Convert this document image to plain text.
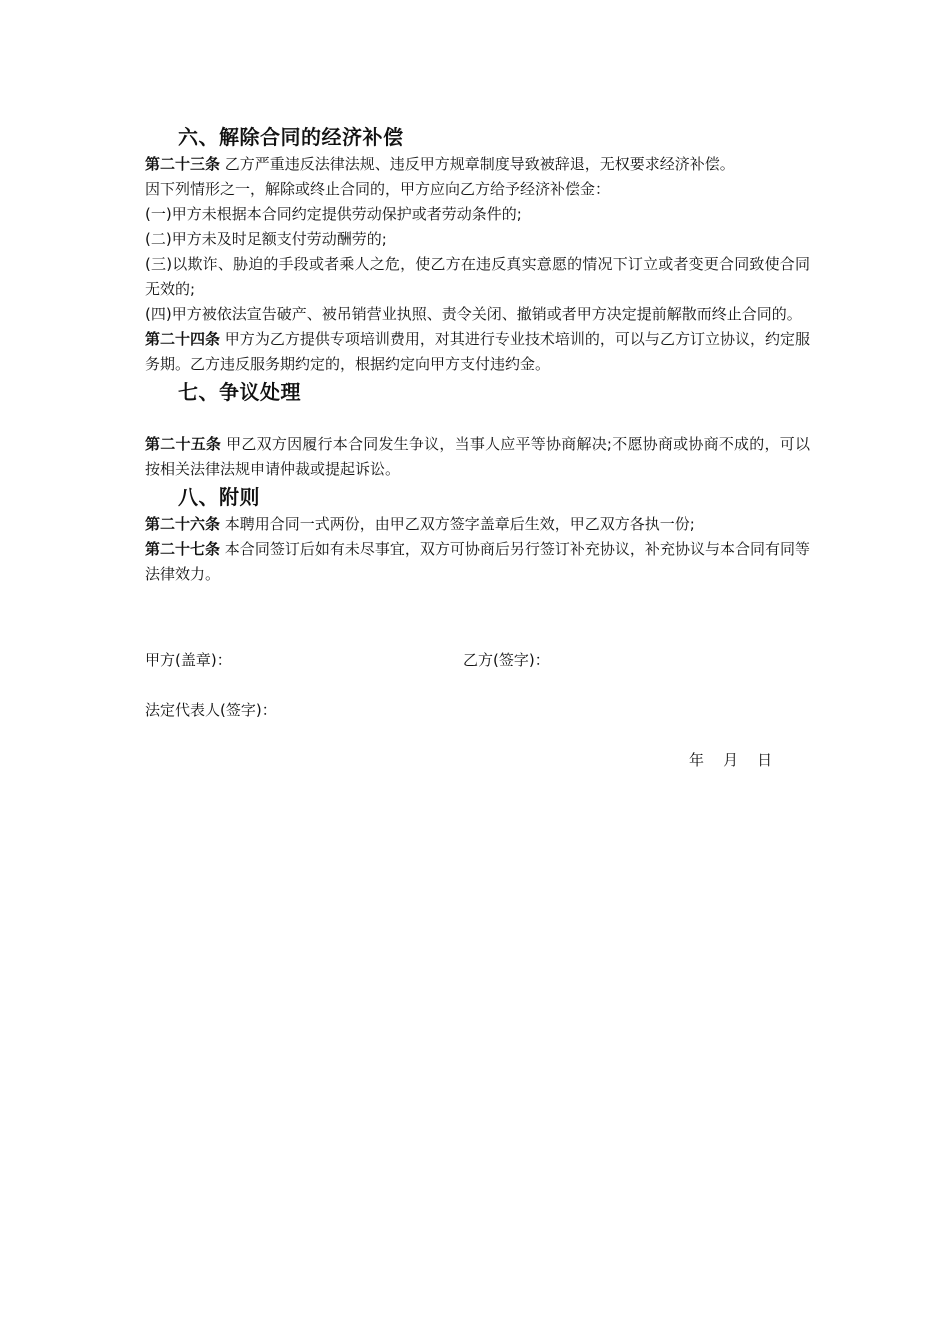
六、解除合同的经济补偿

第二十三条 乙方严重违反法律法规、违反甲方规章制度导致被辞退，无权要求经济补偿。

因下列情形之一，解除或终止合同的，甲方应向乙方给予经济补偿金：

(一)甲方未根据本合同约定提供劳动保护或者劳动条件的;

(二)甲方未及时足额支付劳动酬劳的;

(三)以欺诈、胁迫的手段或者乘人之危，使乙方在违反真实意愿的情况下订立或者变更合同致使合同无效的;

(四)甲方被依法宣告破产、被吊销营业执照、责令关闭、撤销或者甲方决定提前解散而终止合同的。

第二十四条 甲方为乙方提供专项培训费用，对其进行专业技术培训的，可以与乙方订立协议，约定服务期。乙方违反服务期约定的，根据约定向甲方支付违约金。

七、争议处理

第二十五条 甲乙双方因履行本合同发生争议，当事人应平等协商解决;不愿协商或协商不成的，可以按相关法律法规申请仲裁或提起诉讼。

八、附则

第二十六条 本聘用合同一式两份，由甲乙双方签字盖章后生效，甲乙双方各执一份;

第二十七条 本合同签订后如有未尽事宜，双方可协商后另行签订补充协议，补充协议与本合同有同等法律效力。

甲方(盖章)：	乙方(签字)：
法定代表人(签字)：
年    月    日
